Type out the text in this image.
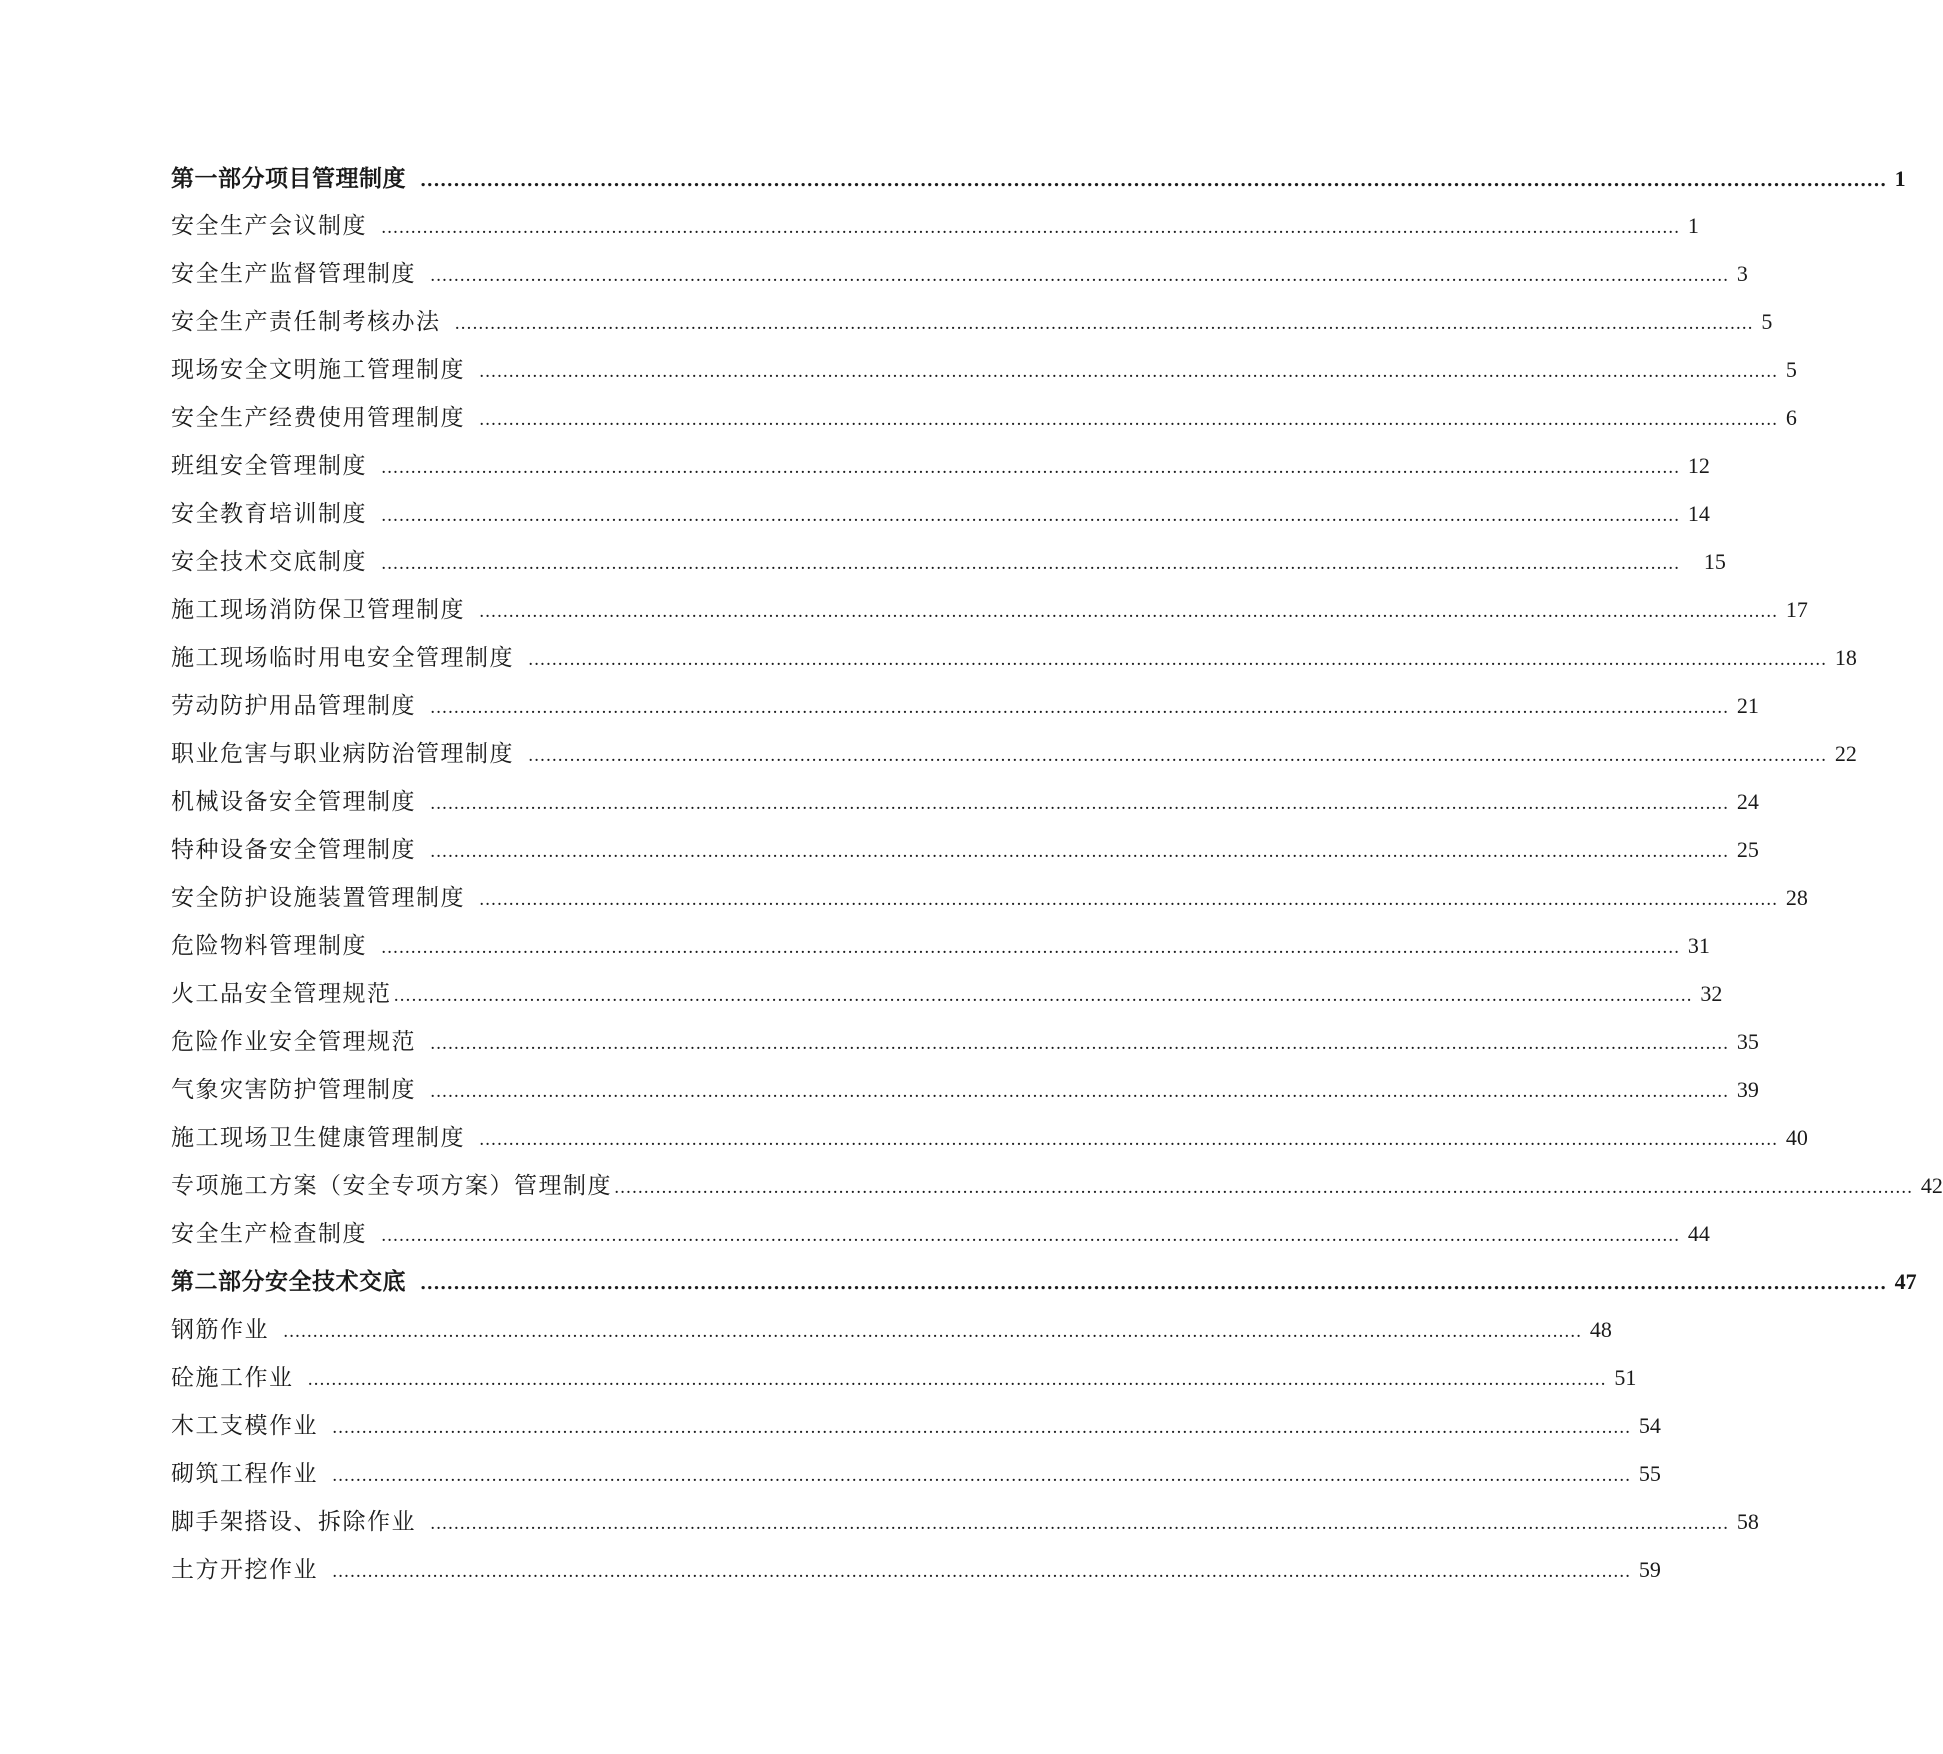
第一部分项目管理制度 ............................................................................................................................................................................................................................ 1
安全生产会议制度 ............................................................................................................................................................................................................................ 1
安全生产监督管理制度 ............................................................................................................................................................................................................................ 3
安全生产责任制考核办法 ............................................................................................................................................................................................................................ 5
现场安全文明施工管理制度 ............................................................................................................................................................................................................................ 5
安全生产经费使用管理制度 ............................................................................................................................................................................................................................ 6
班组安全管理制度 ............................................................................................................................................................................................................................ 12
安全教育培训制度 ............................................................................................................................................................................................................................ 14
安全技术交底制度 ............................................................................................................................................................................................................................ 15
施工现场消防保卫管理制度 ............................................................................................................................................................................................................................ 17
施工现场临时用电安全管理制度 ............................................................................................................................................................................................................................ 18
劳动防护用品管理制度 ............................................................................................................................................................................................................................ 21
职业危害与职业病防治管理制度 ............................................................................................................................................................................................................................ 22
机械设备安全管理制度 ............................................................................................................................................................................................................................ 24
特种设备安全管理制度 ............................................................................................................................................................................................................................ 25
安全防护设施装置管理制度 ............................................................................................................................................................................................................................ 28
危险物料管理制度 ............................................................................................................................................................................................................................ 31
火工品安全管理规范 ............................................................................................................................................................................................................................ 32
危险作业安全管理规范 ............................................................................................................................................................................................................................ 35
气象灾害防护管理制度 ............................................................................................................................................................................................................................ 39
施工现场卫生健康管理制度 ............................................................................................................................................................................................................................ 40
专项施工方案（安全专项方案）管理制度 ............................................................................................................................................................................................................................ 42
安全生产检查制度 ............................................................................................................................................................................................................................ 44
第二部分安全技术交底 ............................................................................................................................................................................................................................ 47
钢筋作业 ............................................................................................................................................................................................................................ 48
砼施工作业 ............................................................................................................................................................................................................................ 51
木工支模作业 ............................................................................................................................................................................................................................ 54
砌筑工程作业 ............................................................................................................................................................................................................................ 55
脚手架搭设、拆除作业 ............................................................................................................................................................................................................................ 58
土方开挖作业 ............................................................................................................................................................................................................................ 59
